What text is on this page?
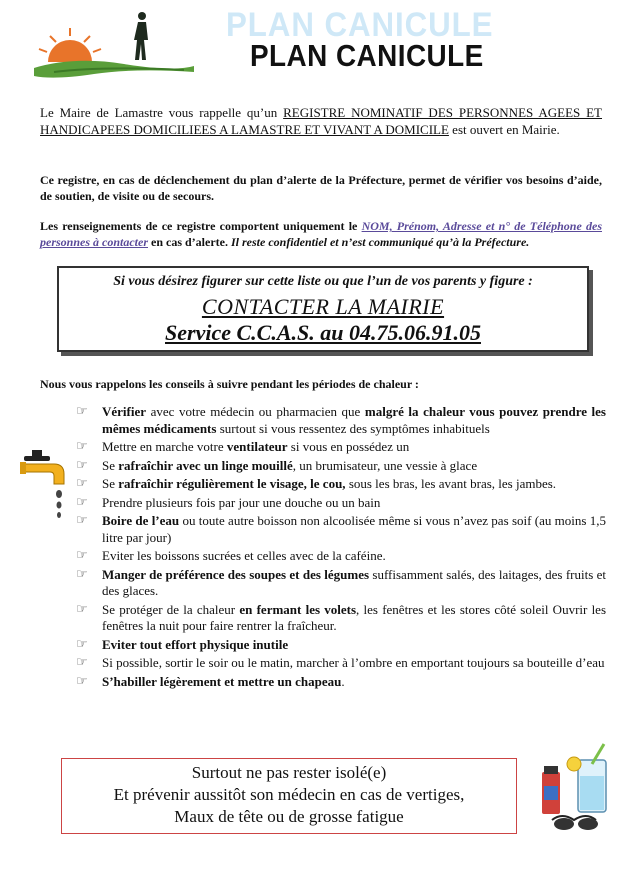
PLAN CANICULE
PLAN CANICULE
Le Maire de Lamastre vous rappelle qu’un REGISTRE NOMINATIF DES PERSONNES AGEES ET HANDICAPEES DOMICILIEES A LAMASTRE ET VIVANT A DOMICILE est ouvert en Mairie.
Ce registre, en cas de déclenchement du plan d’alerte de la Préfecture, permet de vérifier vos besoins d’aide, de soutien, de visite ou de secours.
Les renseignements de ce registre comportent uniquement le NOM, Prénom, Adresse et n° de Téléphone des personnes à contacter en cas d’alerte. Il reste confidentiel et n’est communiqué qu’à la Préfecture.
Si vous désirez figurer sur cette liste ou que l’un de vos parents y figure :
CONTACTER LA MAIRIE
Service C.C.A.S. au 04.75.06.91.05
Nous vous rappelons les conseils à suivre pendant les périodes de chaleur :
☞ Vérifier avec votre médecin ou pharmacien que malgré la chaleur vous pouvez prendre les mêmes médicaments surtout si vous ressentez des symptômes inhabituels
☞ Mettre en marche votre ventilateur si vous en possédez un
☞ Se rafraîchir avec un linge mouillé, un brumisateur, une vessie à glace
☞ Se rafraîchir régulièrement le visage, le cou, sous les bras, les avant bras, les jambes.
☞ Prendre plusieurs fois par jour une douche ou un bain
☞ Boire de l’eau ou toute autre boisson non alcoolisée même si vous n’avez pas soif (au moins 1,5 litre par jour)
☞ Eviter les boissons sucrées et celles avec de la caféine.
☞ Manger de préférence des soupes et des légumes suffisamment salés, des laitages, des fruits et des glaces.
☞ Se protéger de la chaleur en fermant les volets, les fenêtres et les stores côté soleil Ouvrir les fenêtres la nuit pour faire rentrer la fraîcheur.
☞ Eviter tout effort physique inutile
☞ Si possible, sortir le soir ou le matin, marcher à l’ombre en emportant toujours sa bouteille d’eau
☞ S’habiller légèrement et mettre un chapeau.
Surtout ne pas rester isolé(e)
Et prévenir aussitôt son médecin en cas de vertiges,
Maux de tête ou de grosse fatigue
